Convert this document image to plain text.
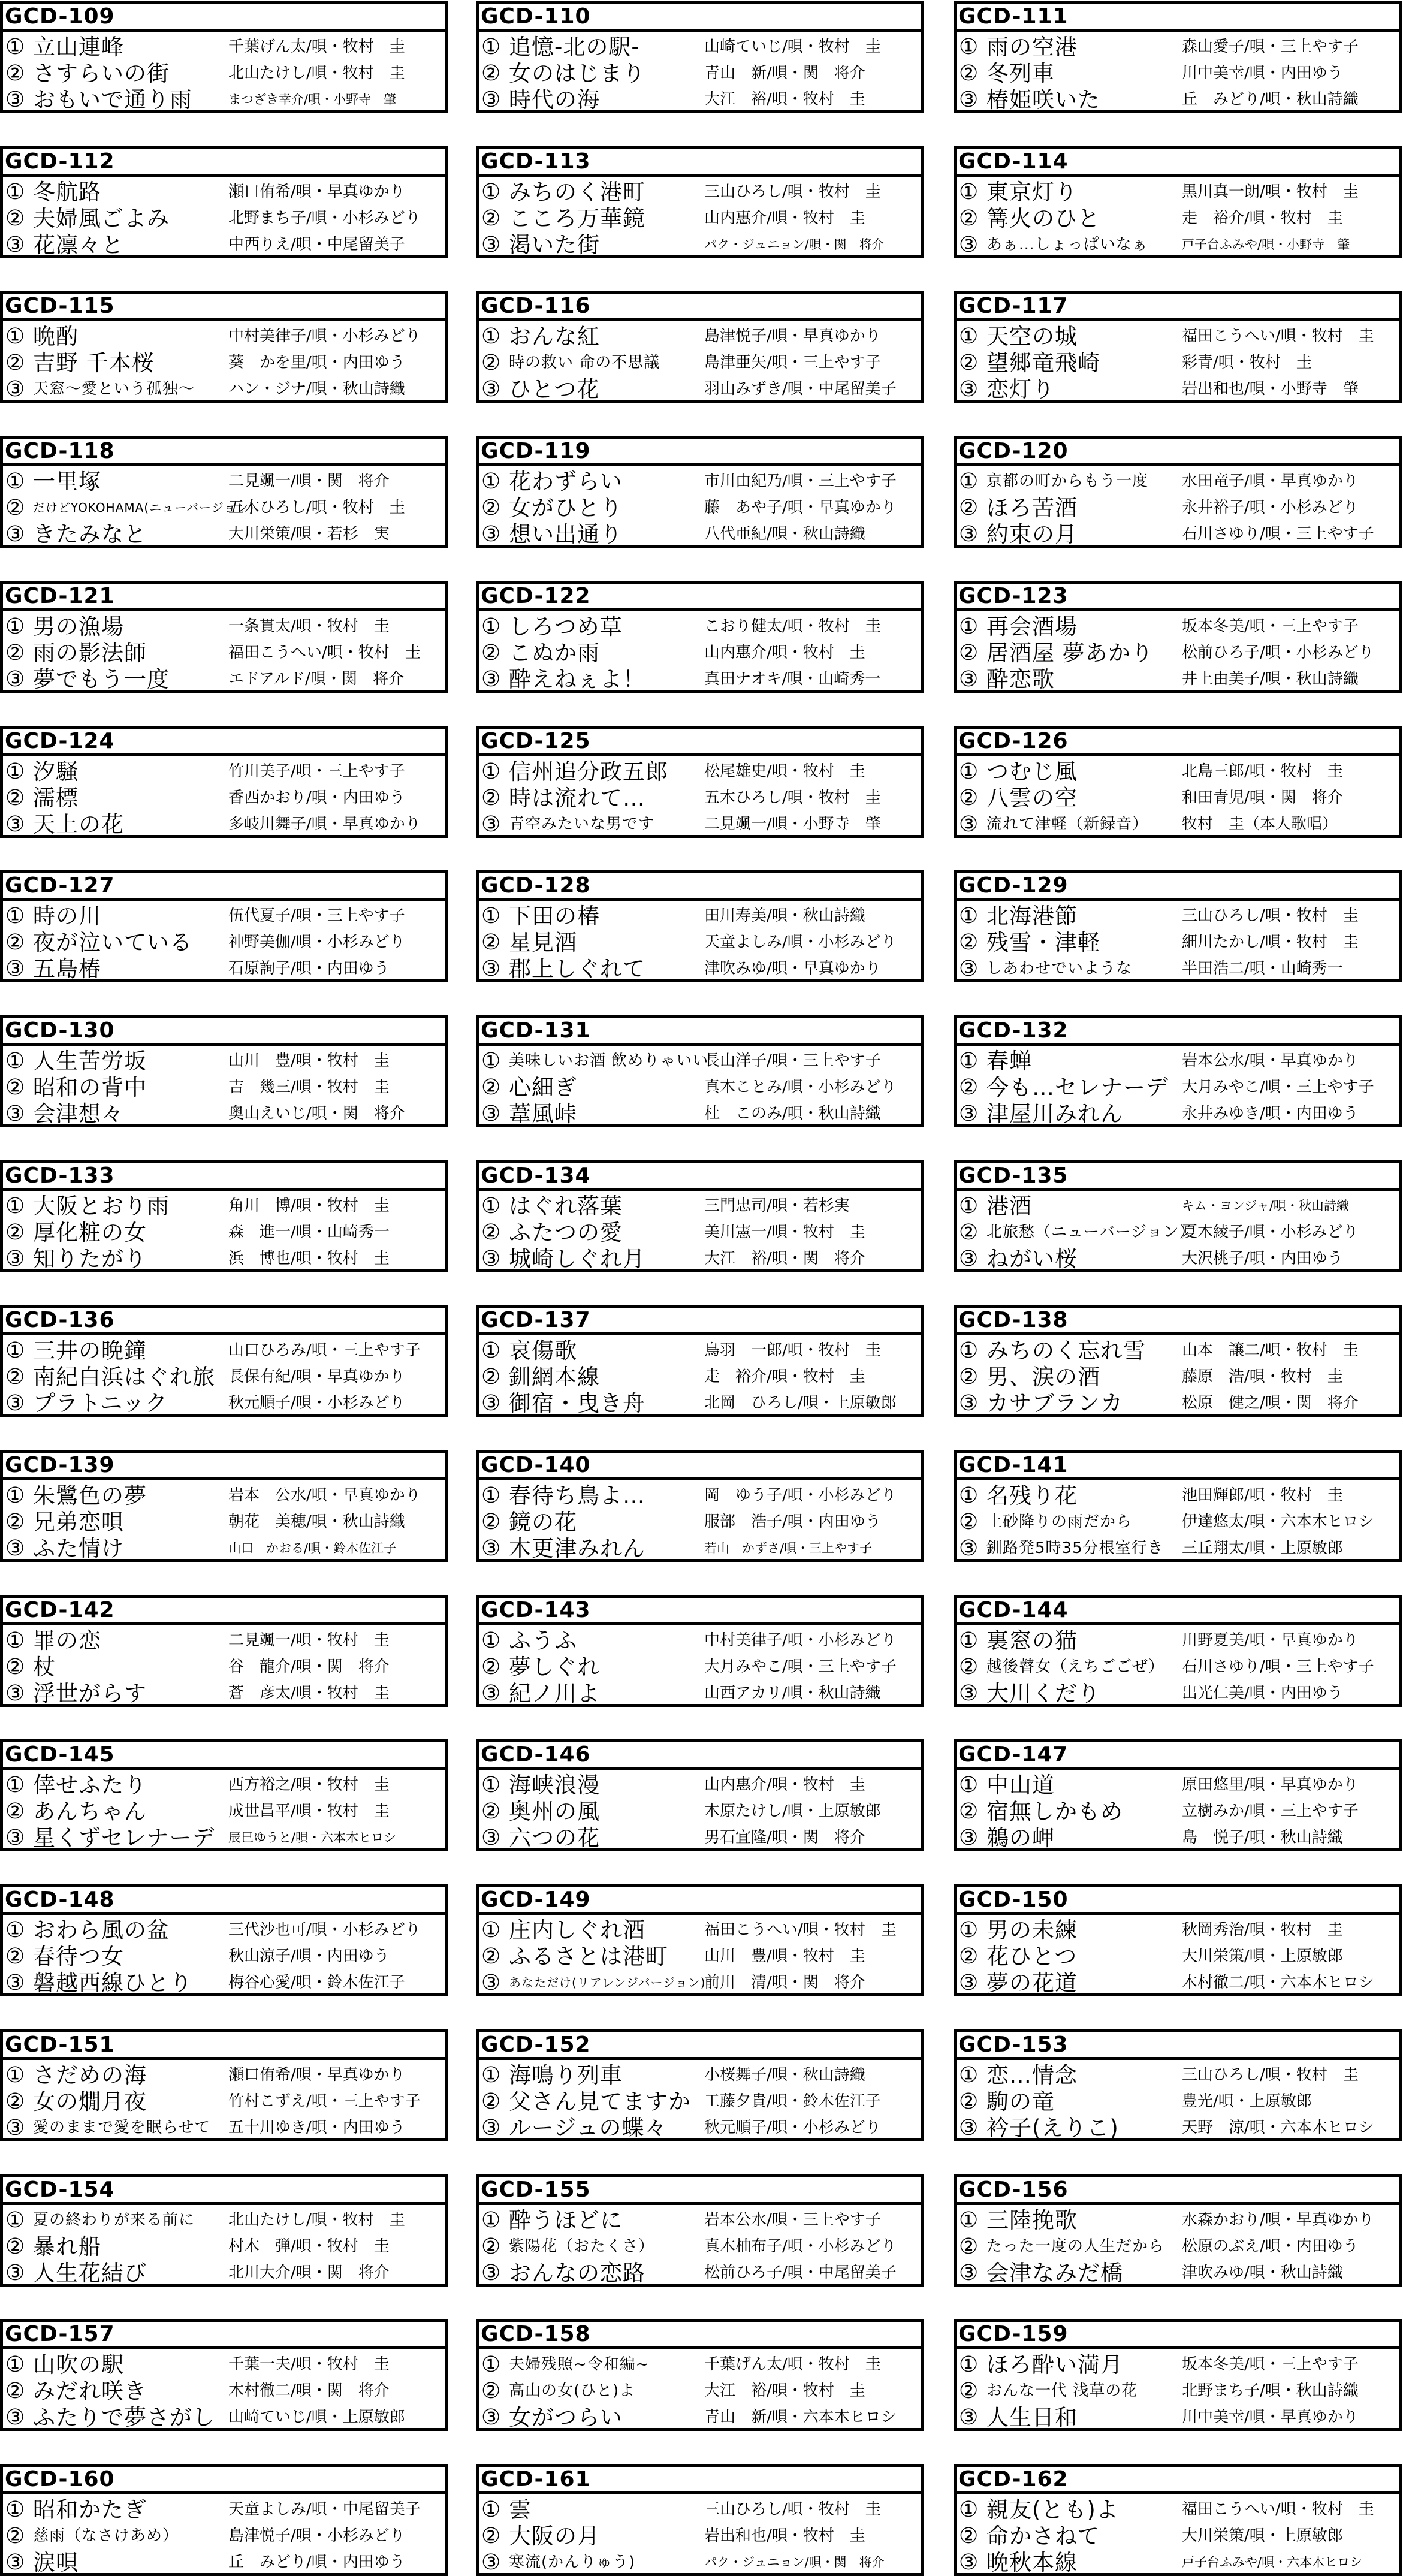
GCD-109
① 立山連峰	千葉げん太/唄・牧村　圭
② さすらいの街	北山たけし/唄・牧村　圭
③ おもいで通り雨	まつざき幸介/唄・小野寺　肇
GCD-110
① 追憶-北の駅-	山崎ていじ/唄・牧村　圭
② 女のはじまり	青山　新/唄・関　将介
③ 時代の海	大江　裕/唄・牧村　圭
GCD-111
① 雨の空港	森山愛子/唄・三上やす子
② 冬列車	川中美幸/唄・内田ゆう
③ 椿姫咲いた	丘　みどり/唄・秋山詩織
GCD-112
① 冬航路	瀬口侑希/唄・早真ゆかり
② 夫婦風ごよみ	北野まち子/唄・小杉みどり
③ 花凛々と	中西りえ/唄・中尾留美子
GCD-113
① みちのく港町	三山ひろし/唄・牧村　圭
② こころ万華鏡	山内惠介/唄・牧村　圭
③ 渇いた街	パク・ジュニョン/唄・関　将介
GCD-114
① 東京灯り	黒川真一朗/唄・牧村　圭
② 篝火のひと	走　裕介/唄・牧村　圭
③ あぁ…しょっぱいなぁ	戸子台ふみや/唄・小野寺　肇
GCD-115
① 晩酌	中村美律子/唄・小杉みどり
② 吉野 千本桜	葵　かを里/唄・内田ゆう
③ 天窓～愛という孤独～	ハン・ジナ/唄・秋山詩織
GCD-116
① おんな紅	島津悦子/唄・早真ゆかり
② 時の救い 命の不思議	島津亜矢/唄・三上やす子
③ ひとつ花	羽山みずき/唄・中尾留美子
GCD-117
① 天空の城	福田こうへい/唄・牧村　圭
② 望郷竜飛崎	彩青/唄・牧村　圭
③ 恋灯り	岩出和也/唄・小野寺　肇
GCD-118
① 一里塚	二見颯一/唄・関　将介
② だけどYOKOHAMA(ニューバージョン)
五木ひろし/唄・牧村　圭
③ きたみなと	大川栄策/唄・若杉　実
GCD-119
① 花わずらい	市川由紀乃/唄・三上やす子
② 女がひとり	藤　あや子/唄・早真ゆかり
③ 想い出通り	八代亜紀/唄・秋山詩織
GCD-120
① 京都の町からもう一度	水田竜子/唄・早真ゆかり
② ほろ苦酒	永井裕子/唄・小杉みどり
③ 約束の月	石川さゆり/唄・三上やす子
GCD-121
① 男の漁場	一条貫太/唄・牧村　圭
② 雨の影法師	福田こうへい/唄・牧村　圭
③ 夢でもう一度	エドアルド/唄・関　将介
GCD-122
① しろつめ草	こおり健太/唄・牧村　圭
② こぬか雨	山内惠介/唄・牧村　圭
③ 酔えねぇよ！	真田ナオキ/唄・山崎秀一
GCD-123
① 再会酒場	坂本冬美/唄・三上やす子
② 居酒屋 夢あかり	松前ひろ子/唄・小杉みどり
③ 酔恋歌	井上由美子/唄・秋山詩織
GCD-124
① 汐騒	竹川美子/唄・三上やす子
② 濡標	香西かおり/唄・内田ゆう
③ 天上の花	多岐川舞子/唄・早真ゆかり
GCD-125
① 信州追分政五郎	松尾雄史/唄・牧村　圭
② 時は流れて…	五木ひろし/唄・牧村　圭
③ 青空みたいな男です	二見颯一/唄・小野寺　肇
GCD-126
① つむじ風	北島三郎/唄・牧村　圭
② 八雲の空	和田青児/唄・関　将介
③ 流れて津軽（新録音）	牧村　圭（本人歌唱）
GCD-127
① 時の川	伍代夏子/唄・三上やす子
② 夜が泣いている	神野美伽/唄・小杉みどり
③ 五島椿	石原詢子/唄・内田ゆう
GCD-128
① 下田の椿	田川寿美/唄・秋山詩織
② 星見酒	天童よしみ/唄・小杉みどり
③ 郡上しぐれて	津吹みゆ/唄・早真ゆかり
GCD-129
① 北海港節	三山ひろし/唄・牧村　圭
② 残雪・津軽	細川たかし/唄・牧村　圭
③ しあわせでいような	半田浩二/唄・山崎秀一
GCD-130
① 人生苦労坂	山川　豊/唄・牧村　圭
② 昭和の背中	吉　幾三/唄・牧村　圭
③ 会津想々	奥山えいじ/唄・関　将介
GCD-131
① 美味しいお酒 飲めりゃいい
長山洋子/唄・三上やす子
② 心細ぎ	真木ことみ/唄・小杉みどり
③ 葦風峠	杜　このみ/唄・秋山詩織
GCD-132
① 春蝉	岩本公水/唄・早真ゆかり
② 今も…セレナーデ 大月みやこ/唄・三上やす子
③ 津屋川みれん	永井みゆき/唄・内田ゆう
GCD-133
① 大阪とおり雨	角川　博/唄・牧村　圭
② 厚化粧の女	森　進一/唄・山崎秀一
③ 知りたがり	浜　博也/唄・牧村　圭
GCD-134
① はぐれ落葉	三門忠司/唄・若杉実
② ふたつの愛	美川憲一/唄・牧村　圭
③ 城崎しぐれ月	大江　裕/唄・関　将介
GCD-135
① 港酒	キム・ヨンジャ/唄・秋山詩織
② 北旅愁（ニューバージョン）
夏木綾子/唄・小杉みどり
③ ねがい桜	大沢桃子/唄・内田ゆう
GCD-136
① 三井の晩鐘	山口ひろみ/唄・三上やす子
② 南紀白浜はぐれ旅 長保有紀/唄・早真ゆかり
③ プラトニック	秋元順子/唄・小杉みどり
GCD-137
① 哀傷歌	鳥羽　一郎/唄・牧村　圭
② 釧網本線	走　裕介/唄・牧村　圭
③ 御宿・曳き舟	北岡　ひろし/唄・上原敏郎
GCD-138
① みちのく忘れ雪	山本　譲二/唄・牧村　圭
② 男、涙の酒	藤原　浩/唄・牧村　圭
③ カサブランカ	松原　健之/唄・関　将介
GCD-139
① 朱鷺色の夢	岩本　公水/唄・早真ゆかり
② 兄弟恋唄	朝花　美穂/唄・秋山詩織
③ ふた情け	山口　かおる/唄・鈴木佐江子
GCD-140
① 春待ち鳥よ…	岡　ゆう子/唄・小杉みどり
② 鏡の花	服部　浩子/唄・内田ゆう
③ 木更津みれん	若山　かずさ/唄・三上やす子
GCD-141
① 名残り花	池田輝郎/唄・牧村　圭
② 土砂降りの雨だから	伊達悠太/唄・六本木ヒロシ
③ 釧路発5時35分根室行き	三丘翔太/唄・上原敏郎
GCD-142
① 罪の恋	二見颯一/唄・牧村　圭
② 杖	谷　龍介/唄・関　将介
③ 浮世がらす	蒼　彦太/唄・牧村　圭
GCD-143
① ふうふ	中村美律子/唄・小杉みどり
② 夢しぐれ	大月みやこ/唄・三上やす子
③ 紀ノ川よ	山西アカリ/唄・秋山詩織
GCD-144
① 裏窓の猫	川野夏美/唄・早真ゆかり
② 越後瞽女（えちごごぜ）	石川さゆり/唄・三上やす子
③ 大川くだり	出光仁美/唄・内田ゆう
GCD-145
① 倖せふたり	西方裕之/唄・牧村　圭
② あんちゃん	成世昌平/唄・牧村　圭
③ 星くずセレナーデ	辰巳ゆうと/唄・六本木ヒロシ
GCD-146
① 海峡浪漫	山内惠介/唄・牧村　圭
② 奥州の風	木原たけし/唄・上原敏郎
③ 六つの花	男石宜隆/唄・関　将介
GCD-147
① 中山道	原田悠里/唄・早真ゆかり
② 宿無しかもめ	立樹みか/唄・三上やす子
③ 鵜の岬	島　悦子/唄・秋山詩織
GCD-148
① おわら風の盆	三代沙也可/唄・小杉みどり
② 春待つ女	秋山涼子/唄・内田ゆう
③ 磐越西線ひとり	梅谷心愛/唄・鈴木佐江子
GCD-149
① 庄内しぐれ酒	福田こうへい/唄・牧村　圭
② ふるさとは港町	山川　豊/唄・牧村　圭
③ あなただけ(リアレンジバージョン)
前川　清/唄・関　将介
GCD-150
① 男の未練	秋岡秀治/唄・牧村　圭
② 花ひとつ	大川栄策/唄・上原敏郎
③ 夢の花道	木村徹二/唄・六本木ヒロシ
GCD-151
① さだめの海	瀬口侑希/唄・早真ゆかり
② 女の燗月夜	竹村こずえ/唄・三上やす子
③ 愛のままで愛を眠らせて	五十川ゆき/唄・内田ゆう
GCD-152
① 海鳴り列車	小桜舞子/唄・秋山詩織
② 父さん見てますか 工藤夕貴/唄・鈴木佐江子
③ ルージュの蝶々	秋元順子/唄・小杉みどり
GCD-153
① 恋…情念	三山ひろし/唄・牧村　圭
② 駒の竜	豊光/唄・上原敏郎
③ 衿子(えりこ)	天野　涼/唄・六本木ヒロシ
GCD-154
① 夏の終わりが来る前に	北山たけし/唄・牧村　圭
② 暴れ船	村木　弾/唄・牧村　圭
③ 人生花結び	北川大介/唄・関　将介
GCD-155
① 酔うほどに	岩本公水/唄・三上やす子
② 紫陽花（おたくさ）	真木柚布子/唄・小杉みどり
③ おんなの恋路	松前ひろ子/唄・中尾留美子
GCD-156
① 三陸挽歌	水森かおり/唄・早真ゆかり
② たった一度の人生だから	松原のぶえ/唄・内田ゆう
③ 会津なみだ橋	津吹みゆ/唄・秋山詩織
GCD-157
① 山吹の駅	千葉一夫/唄・牧村　圭
② みだれ咲き	木村徹二/唄・関　将介
③ ふたりで夢さがし 山崎ていじ/唄・上原敏郎
GCD-158
① 夫婦残照~令和編~	千葉げん太/唄・牧村　圭
② 高山の女(ひと)よ	大江　裕/唄・牧村　圭
③ 女がつらい	青山　新/唄・六本木ヒロシ
GCD-159
① ほろ酔い満月	坂本冬美/唄・三上やす子
② おんな一代 浅草の花	北野まち子/唄・秋山詩織
③ 人生日和	川中美幸/唄・早真ゆかり
GCD-160
① 昭和かたぎ	天童よしみ/唄・中尾留美子
② 慈雨（なさけあめ）	島津悦子/唄・小杉みどり
③ 涙唄	丘　みどり/唄・内田ゆう
GCD-161
① 雲	三山ひろし/唄・牧村　圭
② 大阪の月	岩出和也/唄・牧村　圭
③ 寒流(かんりゅう)	パク・ジュニョン/唄・関　将介
GCD-162
① 親友(とも)よ	福田こうへい/唄・牧村　圭
② 命かさねて	大川栄策/唄・上原敏郎
③ 晩秋本線	戸子台ふみや/唄・六本木ヒロシ
